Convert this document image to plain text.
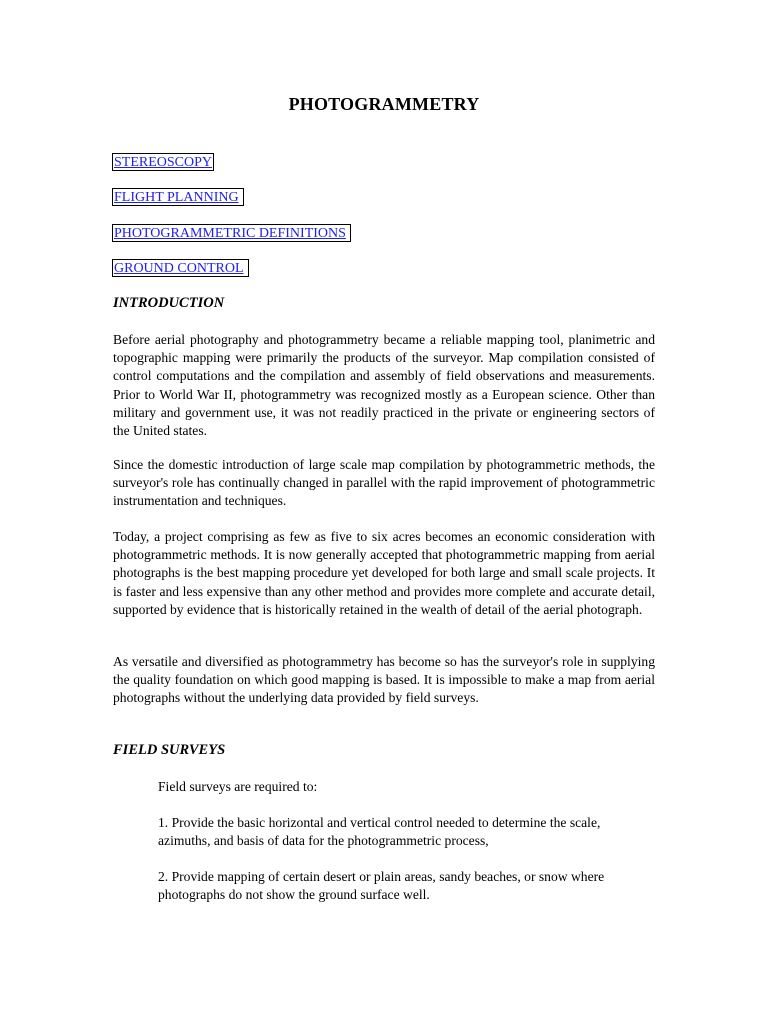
PHOTOGRAMMETRY
STEREOSCOPY
FLIGHT PLANNING
PHOTOGRAMMETRIC DEFINITIONS
GROUND CONTROL
INTRODUCTION

Before aerial photography and photogrammetry became a reliable mapping tool, planimetric and topographic mapping were primarily the products of the surveyor. Map compilation consisted of control computations and the compilation and assembly of field observations and measurements. Prior to World War II, photogrammetry was recognized mostly as a European science. Other than military and government use, it was not readily practiced in the private or engineering sectors of the United states.

Since the domestic introduction of large scale map compilation by photogrammetric methods, the surveyor's role has continually changed in parallel with the rapid improvement of photogrammetric instrumentation and techniques.

Today, a project comprising as few as five to six acres becomes an economic consideration with photogrammetric methods. It is now generally accepted that photogrammetric mapping from aerial photographs is the best mapping procedure yet developed for both large and small scale projects. It is faster and less expensive than any other method and provides more complete and accurate detail, supported by evidence that is historically retained in the wealth of detail of the aerial photograph.

As versatile and diversified as photogrammetry has become so has the surveyor's role in supplying the quality foundation on which good mapping is based. It is impossible to make a map from aerial photographs without the underlying data provided by field surveys.

FIELD SURVEYS

Field surveys are required to:

1. Provide the basic horizontal and vertical control needed to determine the scale, azimuths, and basis of data for the photogrammetric process,

2. Provide mapping of certain desert or plain areas, sandy beaches, or snow where photographs do not show the ground surface well.
